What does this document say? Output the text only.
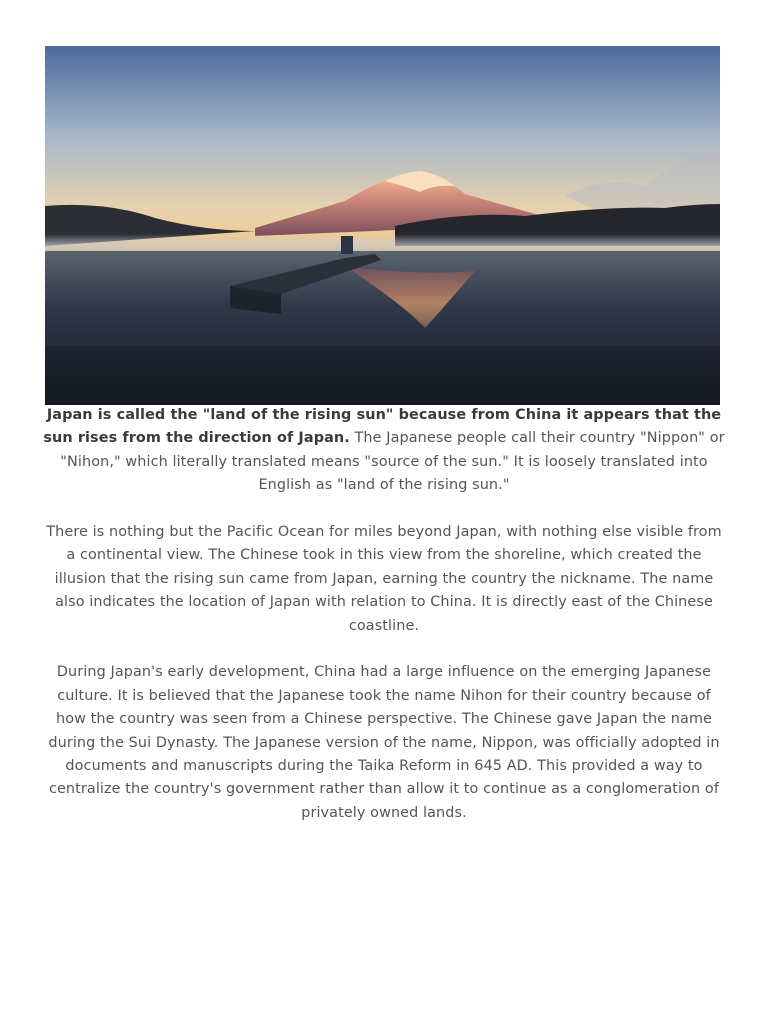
Japan is called the "land of the rising sun" because from China it appears that the sun rises from the direction of Japan. The Japanese people call their country "Nippon" or "Nihon," which literally translated means "source of the sun." It is loosely translated into English as "land of the rising sun."

There is nothing but the Pacific Ocean for miles beyond Japan, with nothing else visible from a continental view. The Chinese took in this view from the shoreline, which created the illusion that the rising sun came from Japan, earning the country the nickname. The name also indicates the location of Japan with relation to China. It is directly east of the Chinese coastline.

During Japan's early development, China had a large influence on the emerging Japanese culture. It is believed that the Japanese took the name Nihon for their country because of how the country was seen from a Chinese perspective. The Chinese gave Japan the name during the Sui Dynasty. The Japanese version of the name, Nippon, was officially adopted in documents and manuscripts during the Taika Reform in 645 AD. This provided a way to centralize the country's government rather than allow it to continue as a conglomeration of privately owned lands.
